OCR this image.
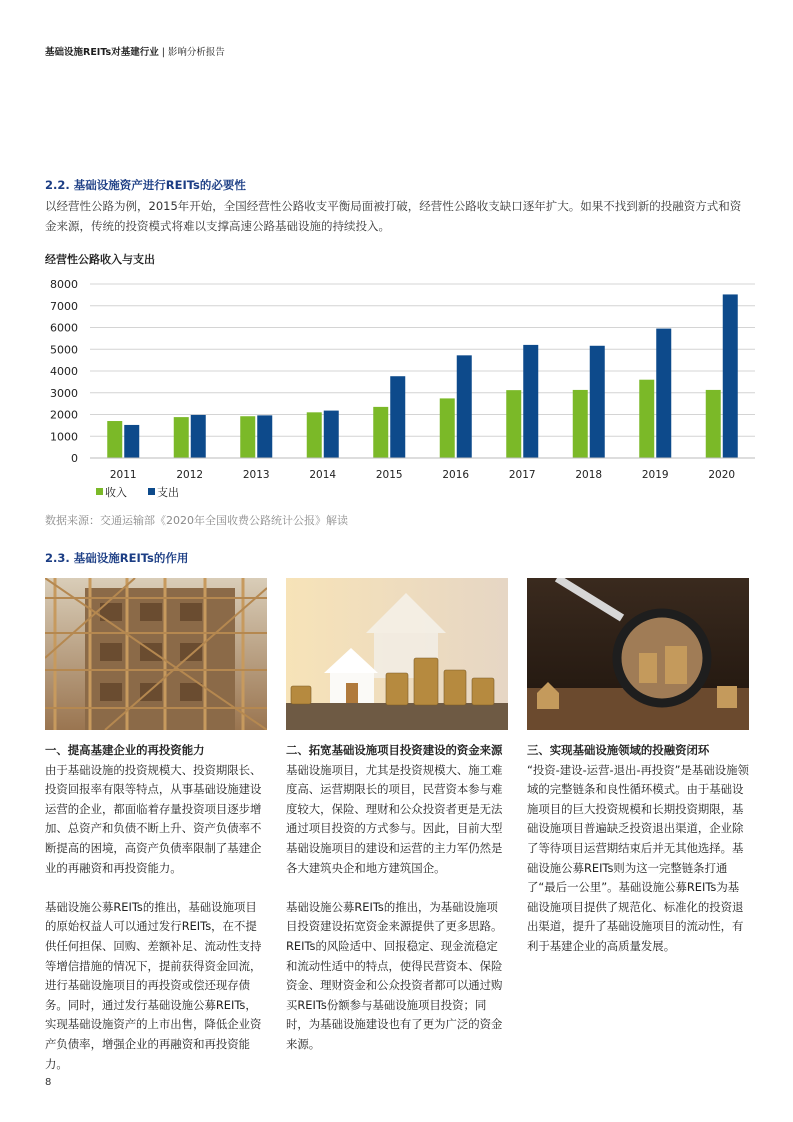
基础设施REITs对基建行业 | 影响分析报告
2.2. 基础设施资产进行REITs的必要性
以经营性公路为例，2015年开始，全国经营性公路收支平衡局面被打破，经营性公路收支缺口逐年扩大。如果不找到新的投融资方式和资金来源，传统的投资模式将难以支撑高速公路基础设施的持续投入。
经营性公路收入与支出
0
1000
2000
3000
4000
5000
6000
7000
8000
2011	2012	2013	2014	2015	2016	2017	2018	2019	2020
收入	支出
数据来源：交通运输部《2020年全国收费公路统计公报》解读
2.3. 基础设施REITs的作用

一、提高基建企业的再投资能力

由于基础设施的投资规模大、投资期限长、投资回报率有限等特点，从事基础设施建设运营的企业，都面临着存量投资项目逐步增加、总资产和负债不断上升、资产负债率不断提高的困境，高资产负债率限制了基建企业的再融资和再投资能力。

基础设施公募REITs的推出，基础设施项目的原始权益人可以通过发行REITs，在不提供任何担保、回购、差额补足、流动性支持等增信措施的情况下，提前获得资金回流，进行基础设施项目的再投资或偿还现存债务。同时，通过发行基础设施公募REITs，实现基础设施资产的上市出售，降低企业资产负债率，增强企业的再融资和再投资能力。

二、拓宽基础设施项目投资建设的资金来源

基础设施项目，尤其是投资规模大、施工难度高、运营期限长的项目，民营资本参与难度较大，保险、理财和公众投资者更是无法通过项目投资的方式参与。因此，目前大型基础设施项目的建设和运营的主力军仍然是各大建筑央企和地方建筑国企。

基础设施公募REITs的推出，为基础设施项目投资建设拓宽资金来源提供了更多思路。REITs的风险适中、回报稳定、现金流稳定和流动性适中的特点，使得民营资本、保险资金、理财资金和公众投资者都可以通过购买REITs份额参与基础设施项目投资；同时，为基础设施建设也有了更为广泛的资金来源。

三、实现基础设施领域的投融资闭环

“投资-建设-运营-退出-再投资”是基础设施领域的完整链条和良性循环模式。由于基础设施项目的巨大投资规模和长期投资期限，基础设施项目普遍缺乏投资退出渠道，企业除了等待项目运营期结束后并无其他选择。基础设施公募REITs则为这一完整链条打通了“最后一公里”。基础设施公募REITs为基础设施项目提供了规范化、标准化的投资退出渠道，提升了基础设施项目的流动性，有利于基建企业的高质量发展。

8
